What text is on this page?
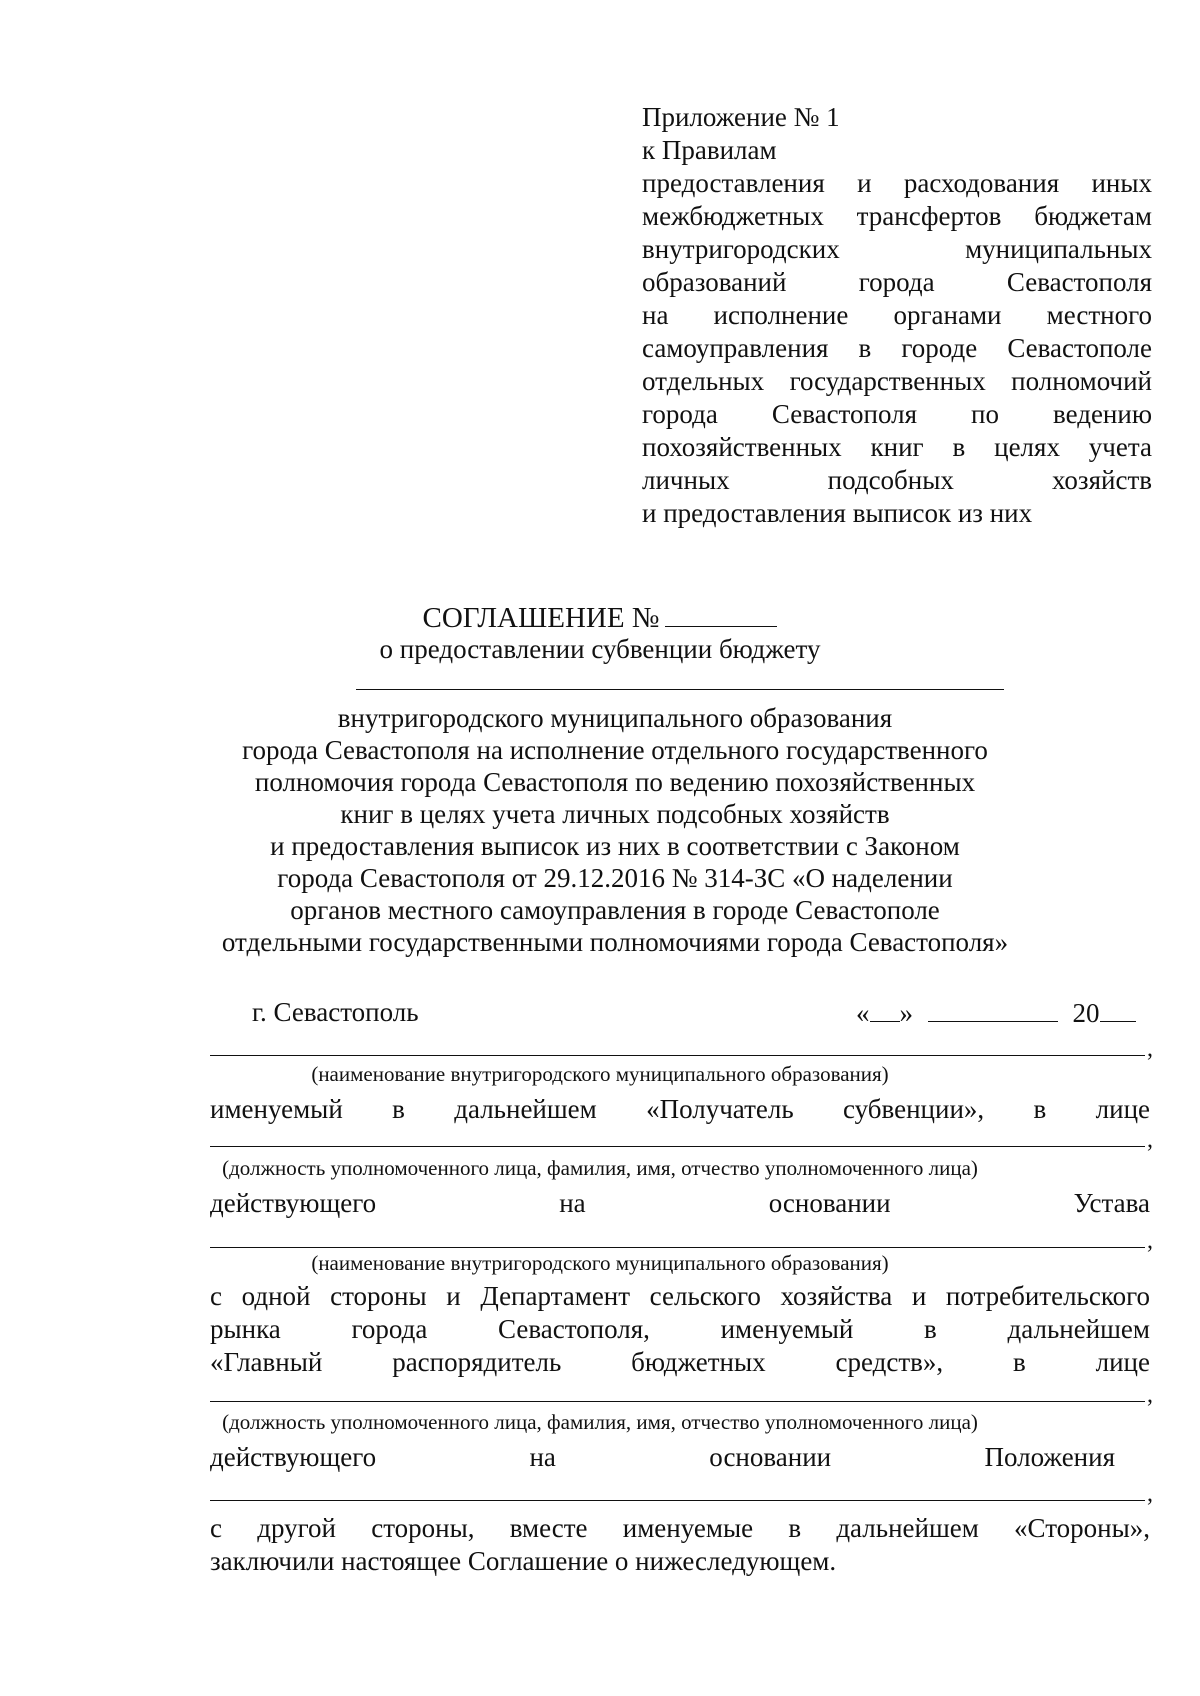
Приложение № 1
к Правилам
предоставления и расходования иных
межбюджетных трансфертов бюджетам
внутригородских муниципальных
образований города Севастополя
на исполнение органами местного
самоуправления в городе Севастополе
отдельных государственных полномочий
города Севастополя по ведению
похозяйственных книг в целях учета
личных подсобных хозяйств
и предоставления выписок из них
СОГЛАШЕНИЕ №
о предоставлении субвенции бюджету
внутригородского муниципального образования
города Севастополя на исполнение отдельного государственного
полномочия города Севастополя по ведению похозяйственных
книг в целях учета личных подсобных хозяйств
и предоставления выписок из них в соответствии с Законом
города Севастополя от 29.12.2016 № 314-ЗС «О наделении
органов местного самоуправления в городе Севастополе
отдельными государственными полномочиями города Севастополя»
г. Севастополь	« »	20
,
(наименование внутригородского муниципального образования)
именуемый в дальнейшем «Получатель субвенции», в лице
,
(должность уполномоченного лица, фамилия, имя, отчество уполномоченного лица)
действующего на основании Устава
,
(наименование внутригородского муниципального образования)
с одной стороны и Департамент сельского хозяйства и потребительского
рынка города Севастополя, именуемый в дальнейшем
«Главный распорядитель бюджетных средств», в лице
,
(должность уполномоченного лица, фамилия, имя, отчество уполномоченного лица)
действующего на основании Положения
,
с другой стороны, вместе именуемые в дальнейшем «Стороны»,
заключили настоящее Соглашение о нижеследующем.
